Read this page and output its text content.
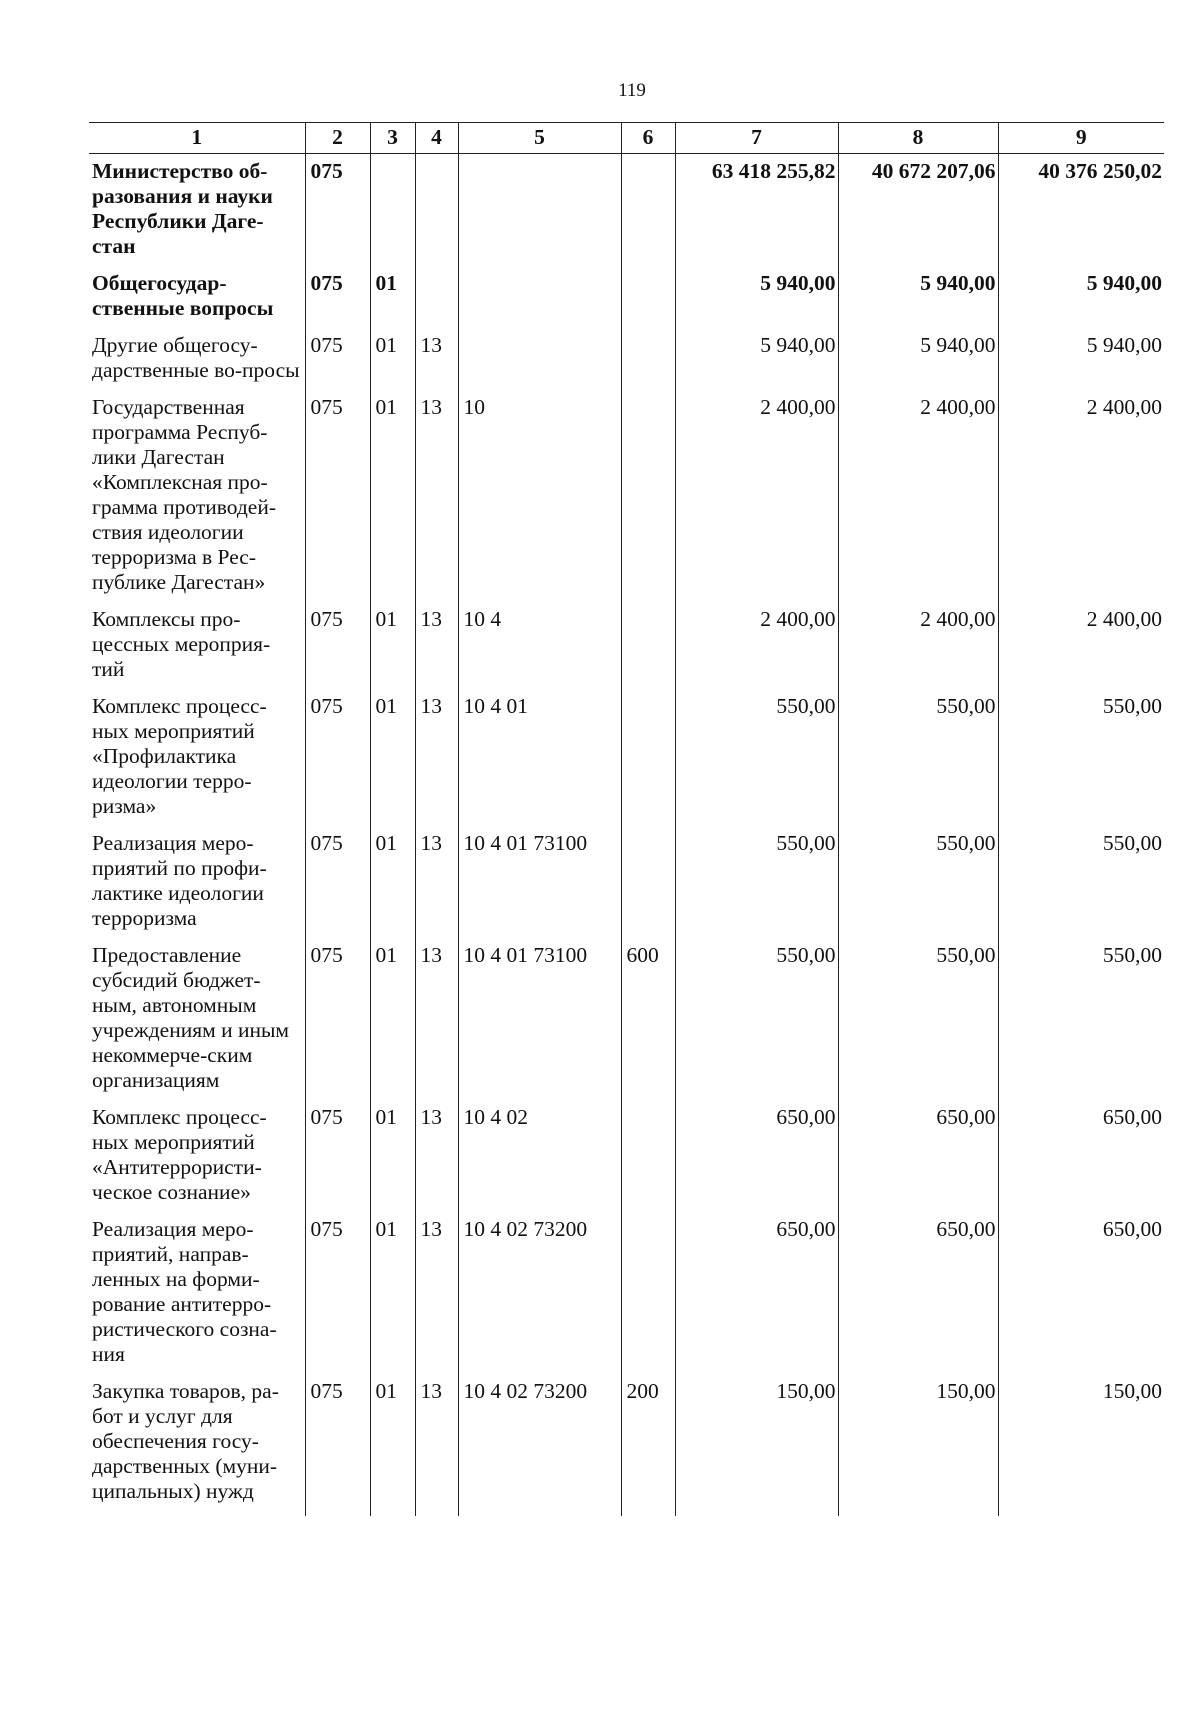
119
1	2	3	4	5	6	7	8	9
Министерство об-разования и науки Республики Даге-стан	075					63 418 255,82	40 672 207,06	40 376 250,02
Общегосудар-ственные вопросы	075	01				5 940,00	5 940,00	5 940,00
Другие общегосу-дарственные во-просы	075	01	13			5 940,00	5 940,00	5 940,00
Государственная программа Респуб-лики Дагестан «Комплексная про-грамма противодей-ствия идеологии терроризма в Рес-публике Дагестан»	075	01	13	10		2 400,00	2 400,00	2 400,00
Комплексы про-цессных мероприя-тий	075	01	13	10 4		2 400,00	2 400,00	2 400,00
Комплекс процесс-ных мероприятий «Профилактика идеологии терро-ризма»	075	01	13	10 4 01		550,00	550,00	550,00
Реализация меро-приятий по профи-лактике идеологии терроризма	075	01	13	10 4 01 73100		550,00	550,00	550,00
Предоставление субсидий бюджет-ным, автономным учреждениям и иным некоммерче-ским организациям	075	01	13	10 4 01 73100	600	550,00	550,00	550,00
Комплекс процесс-ных мероприятий «Антитеррористи-ческое сознание»	075	01	13	10 4 02		650,00	650,00	650,00
Реализация меро-приятий, направ-ленных на форми-рование антитерро-ристического созна-ния	075	01	13	10 4 02 73200		650,00	650,00	650,00
Закупка товаров, ра-бот и услуг для обеспечения госу-дарственных (муни-ципальных) нужд	075	01	13	10 4 02 73200	200	150,00	150,00	150,00
